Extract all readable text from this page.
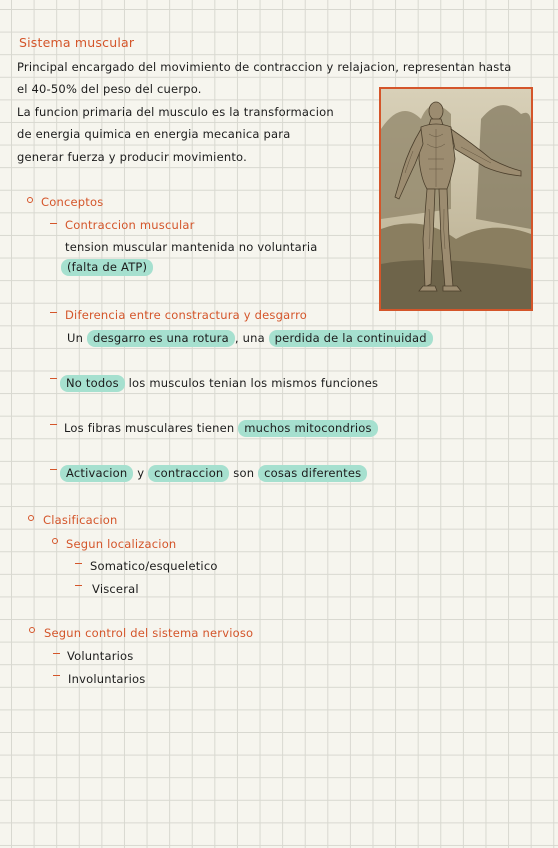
Sistema muscular
Principal encargado del movimiento de contraccion y relajacion, representan hasta
el 40-50% del peso del cuerpo.
La funcion primaria del musculo es la transformacion
de energia quimica en energia mecanica para
generar fuerza y producir movimiento.
Conceptos
Contraccion muscular
tension muscular mantenida no voluntaria
(falta de ATP)
Diferencia entre constractura y desgarro
Un desgarro es una rotura , una perdida de la continuidad
No todos los musculos tenian los mismos funciones
Los fibras musculares tienen muchos mitocondrios
Activacion y contraccion son cosas diferentes
Clasificacion
Segun localizacion
Somatico/esqueletico
Visceral
Segun control del sistema nervioso
Voluntarios
Involuntarios
